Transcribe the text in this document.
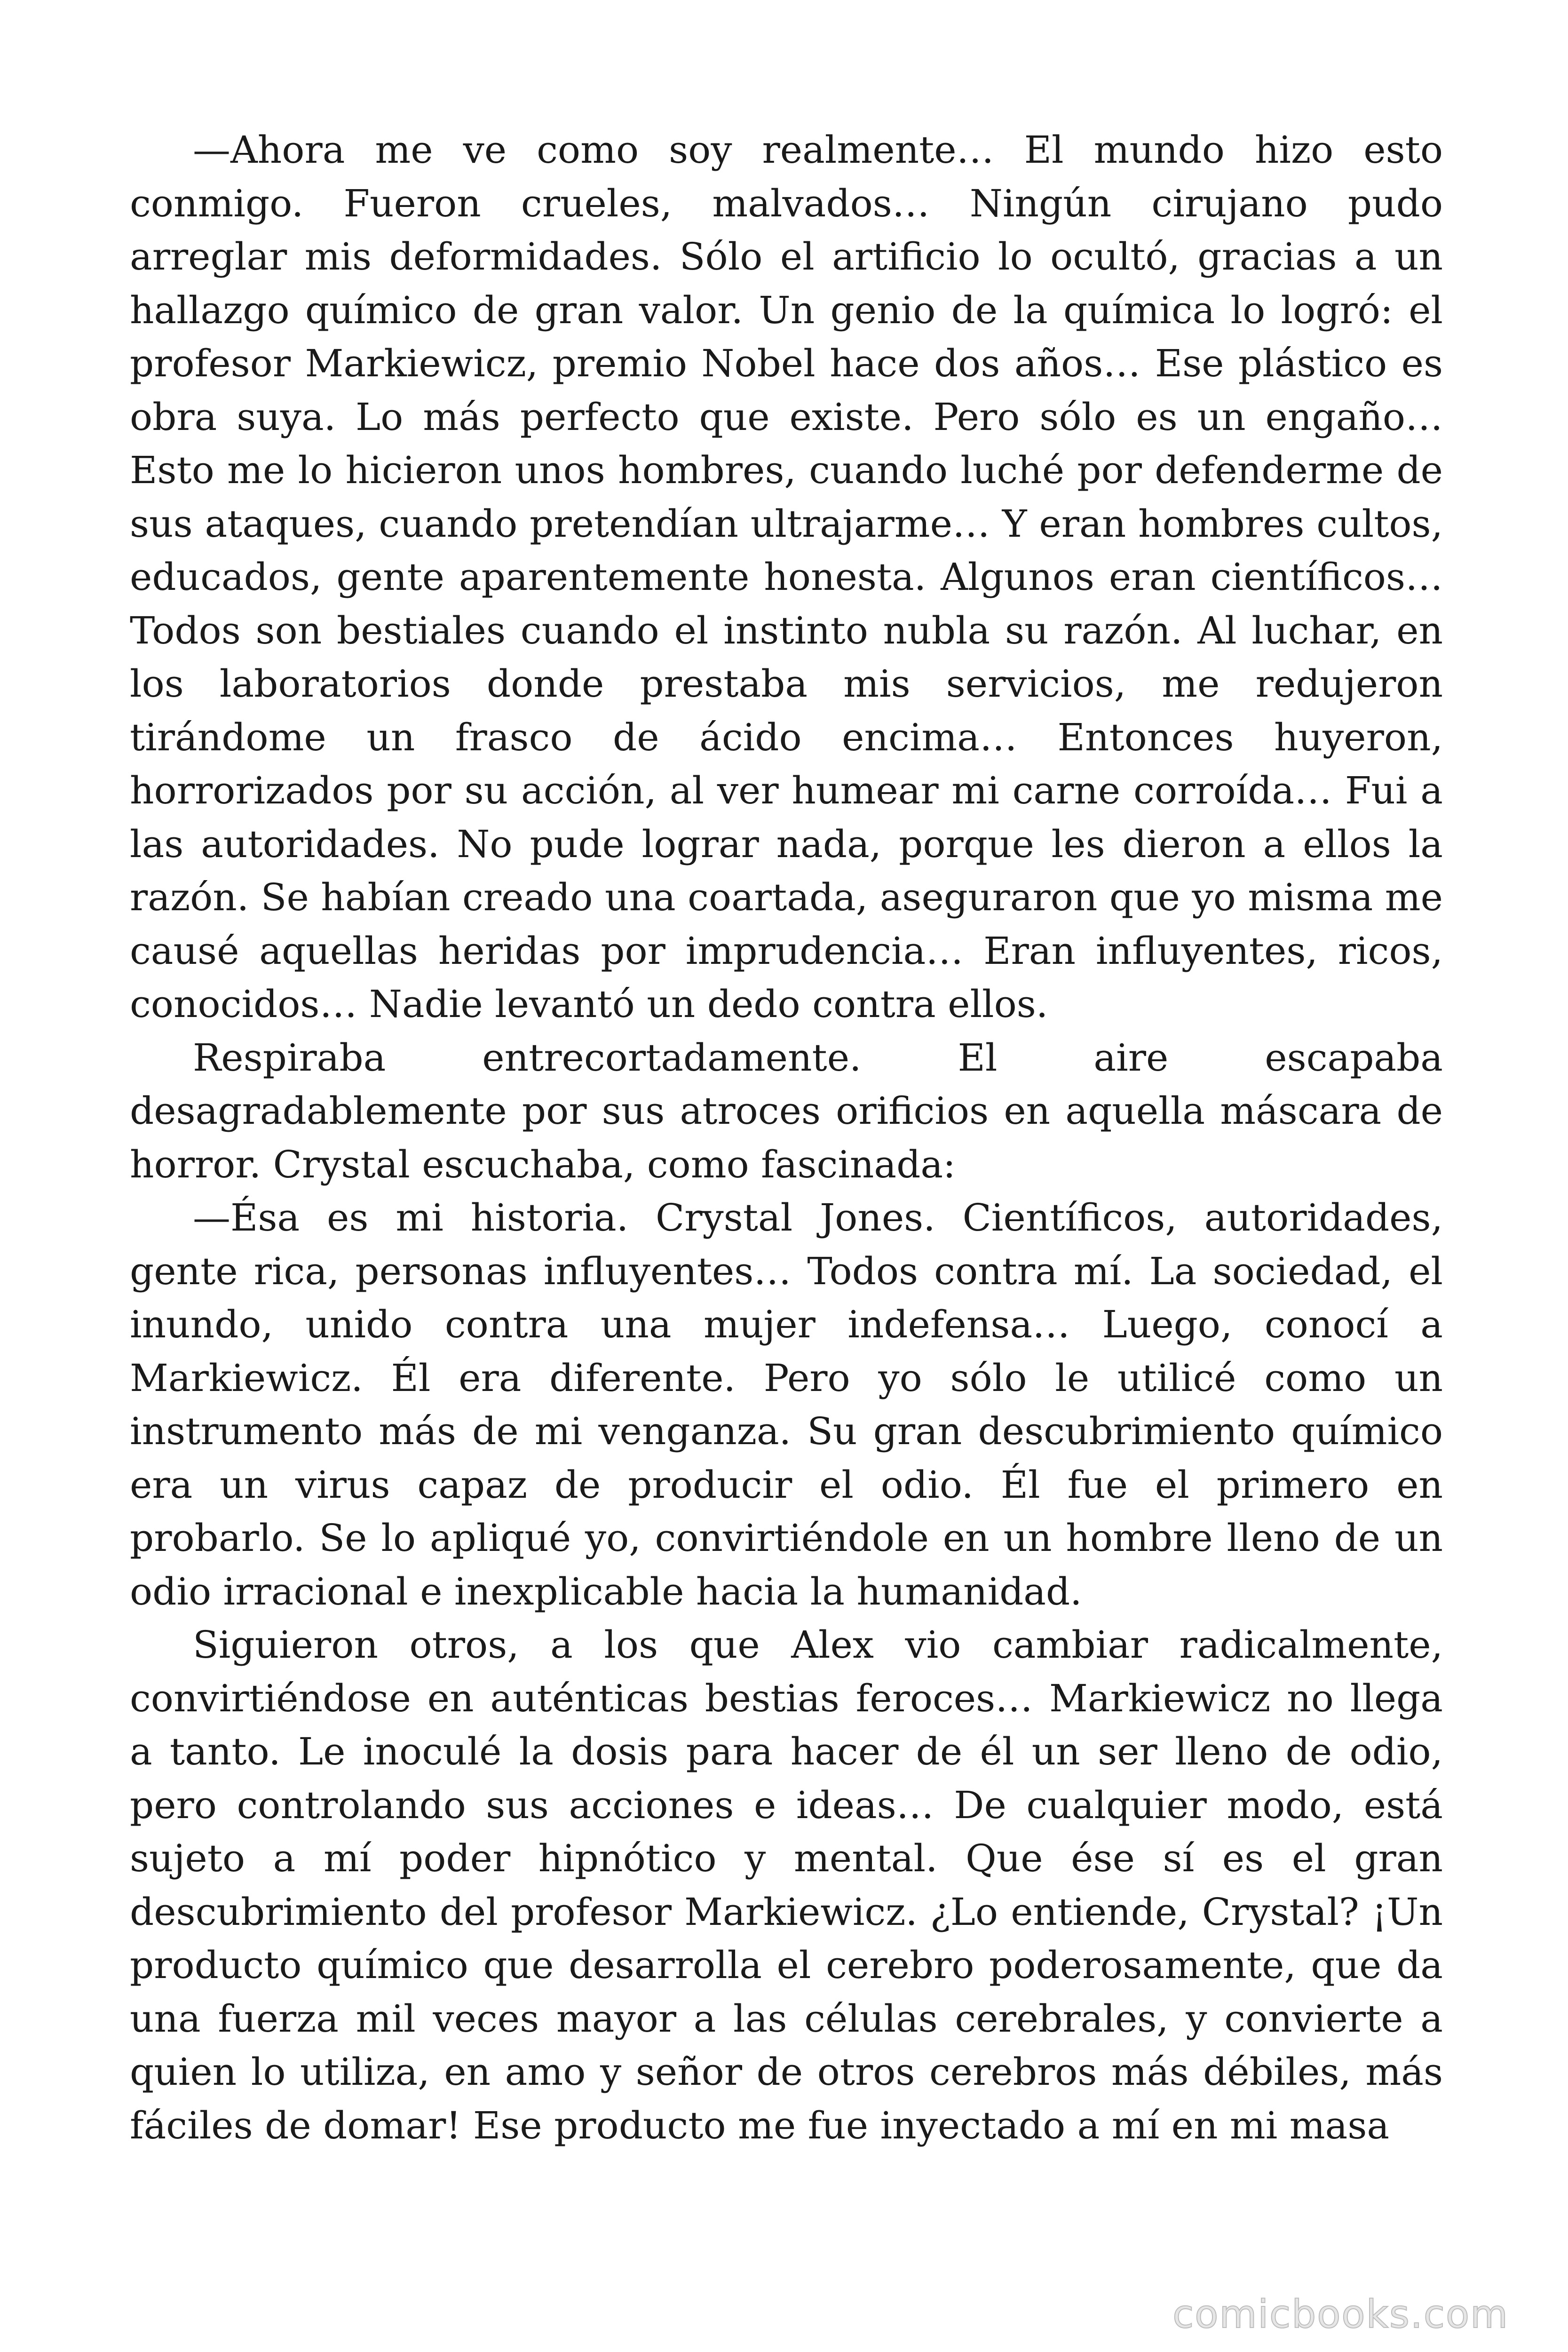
—Ahora me ve como soy realmente… El mundo hizo esto conmigo. Fueron crueles, malvados… Ningún cirujano pudo arreglar mis deformidades. Sólo el artificio lo ocultó, gracias a un hallazgo químico de gran valor. Un genio de la química lo logró: el profesor Markiewicz, premio Nobel hace dos años… Ese plástico es obra suya. Lo más perfecto que existe. Pero sólo es un engaño… Esto me lo hicieron unos hombres, cuando luché por defenderme de sus ataques, cuando pretendían ultrajarme… Y eran hombres cultos, educados, gente aparentemente honesta. Algunos eran científicos… Todos son bestiales cuando el instinto nubla su razón. Al luchar, en los laboratorios donde prestaba mis servicios, me redujeron tirándome un frasco de ácido encima… Entonces huyeron, horrorizados por su acción, al ver humear mi carne corroída… Fui a las autoridades. No pude lograr nada, porque les dieron a ellos la razón. Se habían creado una coartada, aseguraron que yo misma me causé aquellas heridas por imprudencia… Eran influyentes, ricos, conocidos… Nadie levantó un dedo contra ellos.

Respiraba entrecortadamente. El aire escapaba desagradablemente por sus atroces orificios en aquella máscara de horror. Crystal escuchaba, como fascinada:

—Ésa es mi historia. Crystal Jones. Científicos, autoridades, gente rica, personas influyentes… Todos contra mí. La sociedad, el inundo, unido contra una mujer indefensa… Luego, conocí a Markiewicz. Él era diferente. Pero yo sólo le utilicé como un instrumento más de mi venganza. Su gran descubrimiento químico era un virus capaz de producir el odio. Él fue el primero en probarlo. Se lo apliqué yo, convirtiéndole en un hombre lleno de un odio irracional e inexplicable hacia la humanidad.

Siguieron otros, a los que Alex vio cambiar radicalmente, convirtiéndose en auténticas bestias feroces… Markiewicz no llega a tanto. Le inoculé la dosis para hacer de él un ser lleno de odio, pero controlando sus acciones e ideas… De cualquier modo, está sujeto a mí poder hipnótico y mental. Que ése sí es el gran descubrimiento del profesor Markiewicz. ¿Lo entiende, Crystal? ¡Un producto químico que desarrolla el cerebro poderosamente, que da una fuerza mil veces mayor a las células cerebrales, y convierte a quien lo utiliza, en amo y señor de otros cerebros más débiles, más fáciles de domar! Ese producto me fue inyectado a mí en mi masa

comicbooks.com
